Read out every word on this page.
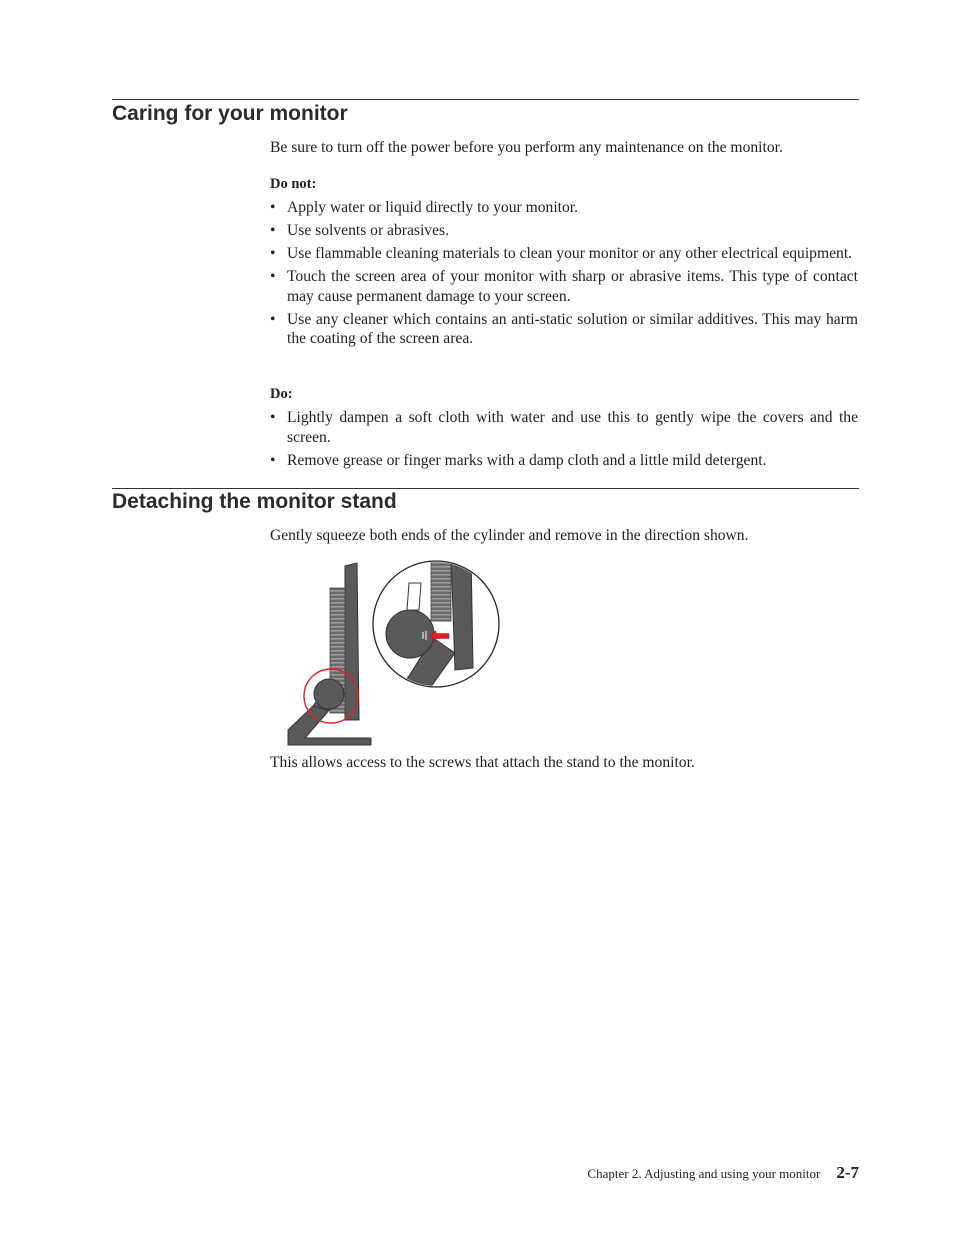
Caring for your monitor

Be sure to turn off the power before you perform any maintenance on the monitor.

Do not:

• Apply water or liquid directly to your monitor.
• Use solvents or abrasives.
• Use flammable cleaning materials to clean your monitor or any other electrical equipment.
• Touch the screen area of your monitor with sharp or abrasive items. This type of contact may cause permanent damage to your screen.
• Use any cleaner which contains an anti-static solution or similar additives. This may harm the coating of the screen area.

Do:

• Lightly dampen a soft cloth with water and use this to gently wipe the covers and the screen.
• Remove grease or finger marks with a damp cloth and a little mild detergent.
Detaching the monitor stand

Gently squeeze both ends of the cylinder and remove in the direction shown.

This allows access to the screws that attach the stand to the monitor.

Chapter 2. Adjusting and using your monitor 2-7
